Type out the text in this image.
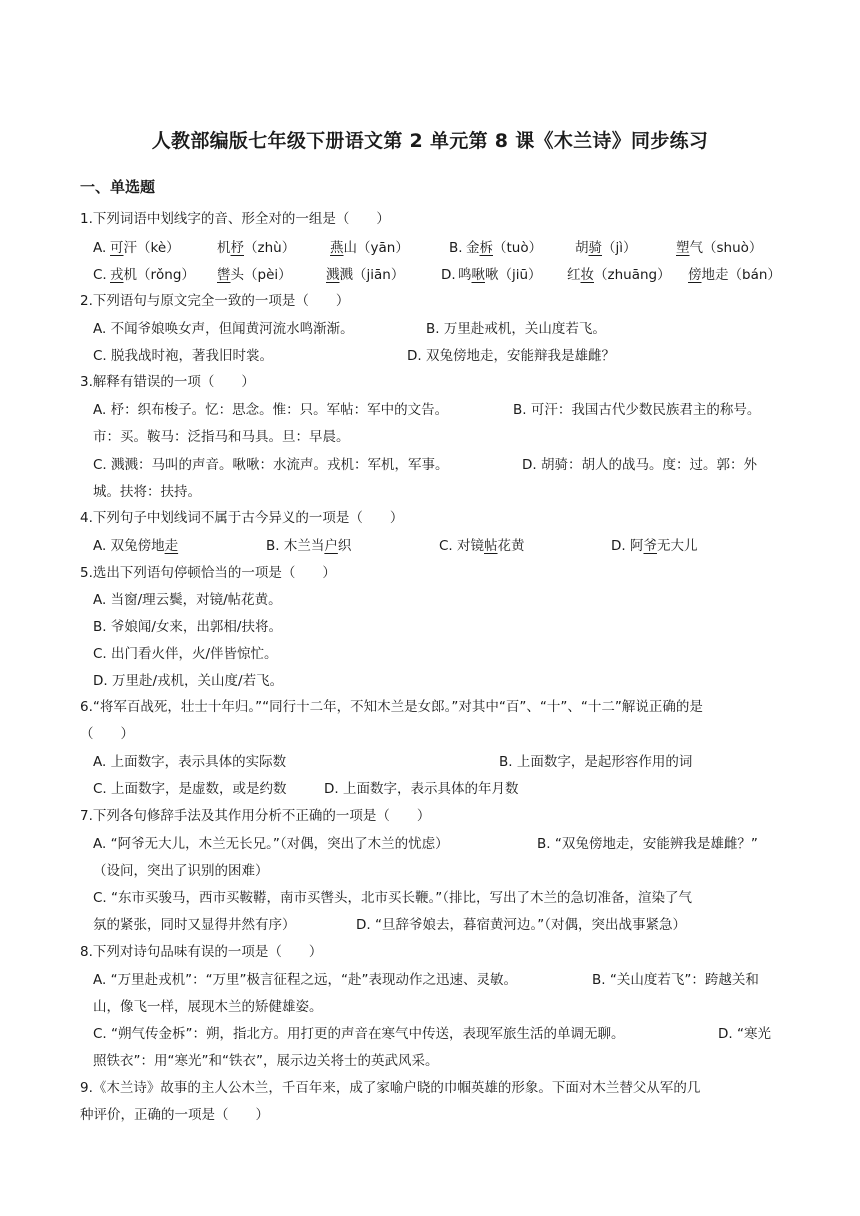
人教部编版七年级下册语文第 2 单元第 8 课《木兰诗》同步练习
一、单选题
1.下列词语中划线字的音、形全对的一组是（　　）
A. 可汗（kè）	机杼（zhù）	燕山（yān）	B. 金柝（tuò） 胡骑（jì）	塑气（shuò）
C. 戎机（rǒng） 辔头（pèi）	溅溅（jiān）	D. 鸣啾啾（jiū） 红妆（zhuāng） 傍地走（bán）
2.下列语句与原文完全一致的一项是（　　）
A. 不闻爷娘唤女声，但闻黄河流水鸣渐渐。	B. 万里赴戒机，关山度若飞。
C. 脱我战时袍，著我旧时裳。	D. 双兔傍地走，安能辩我是雄雌？
3.解释有错误的一项（　　）
A. 杼：织布梭子。忆：思念。惟：只。军帖：军中的文告。	B. 可汗：我国古代少数民族君主的称号。
市：买。鞍马：泛指马和马具。旦：早晨。
C. 溅溅：马叫的声音。啾啾：水流声。戎机：军机，军事。	D. 胡骑：胡人的战马。度：过。郭：外
城。扶将：扶持。
4.下列句子中划线词不属于古今异义的一项是（　　）
A. 双兔傍地走	B. 木兰当户织	C. 对镜帖花黄	D. 阿爷无大儿
5.选出下列语句停顿恰当的一项是（　　）
A. 当窗/理云鬓，对镜/帖花黄。
B. 爷娘闻/女来，出郭相/扶将。
C. 出门看火伴，火/伴皆惊忙。
D. 万里赴/戎机，关山度/若飞。
6.“将军百战死，壮士十年归。”“同行十二年，不知木兰是女郎。”对其中“百”、“十”、“十二”解说正确的是
（　　）
A. 上面数字，表示具体的实际数	B. 上面数字，是起形容作用的词
C. 上面数字，是虚数，或是约数	D. 上面数字，表示具体的年月数
7.下列各句修辞手法及其作用分析不正确的一项是（　　）
A. “阿爷无大儿，木兰无长兄。”（对偶，突出了木兰的忧虑）	B. “双兔傍地走，安能辨我是雄雌？”
（设问，突出了识别的困难）
C. “东市买骏马，西市买鞍鞯，南市买辔头，北市买长鞭。”（排比，写出了木兰的急切准备，渲染了气
氛的紧张，同时又显得井然有序）	D. “旦辞爷娘去，暮宿黄河边。”（对偶，突出战事紧急）
8.下列对诗句品味有误的一项是（　　）
A. “万里赴戎机”：“万里”极言征程之远，“赴”表现动作之迅速、灵敏。	B. “关山度若飞”：跨越关和
山，像飞一样，展现木兰的矫健雄姿。
C. “朔气传金柝”：朔，指北方。用打更的声音在寒气中传送，表现军旅生活的单调无聊。	D. “寒光
照铁衣”：用“寒光”和“铁衣”，展示边关将士的英武风采。
9.《木兰诗》故事的主人公木兰，千百年来，成了家喻户晓的巾帼英雄的形象。下面对木兰替父从军的几
种评价，正确的一项是（　　）
